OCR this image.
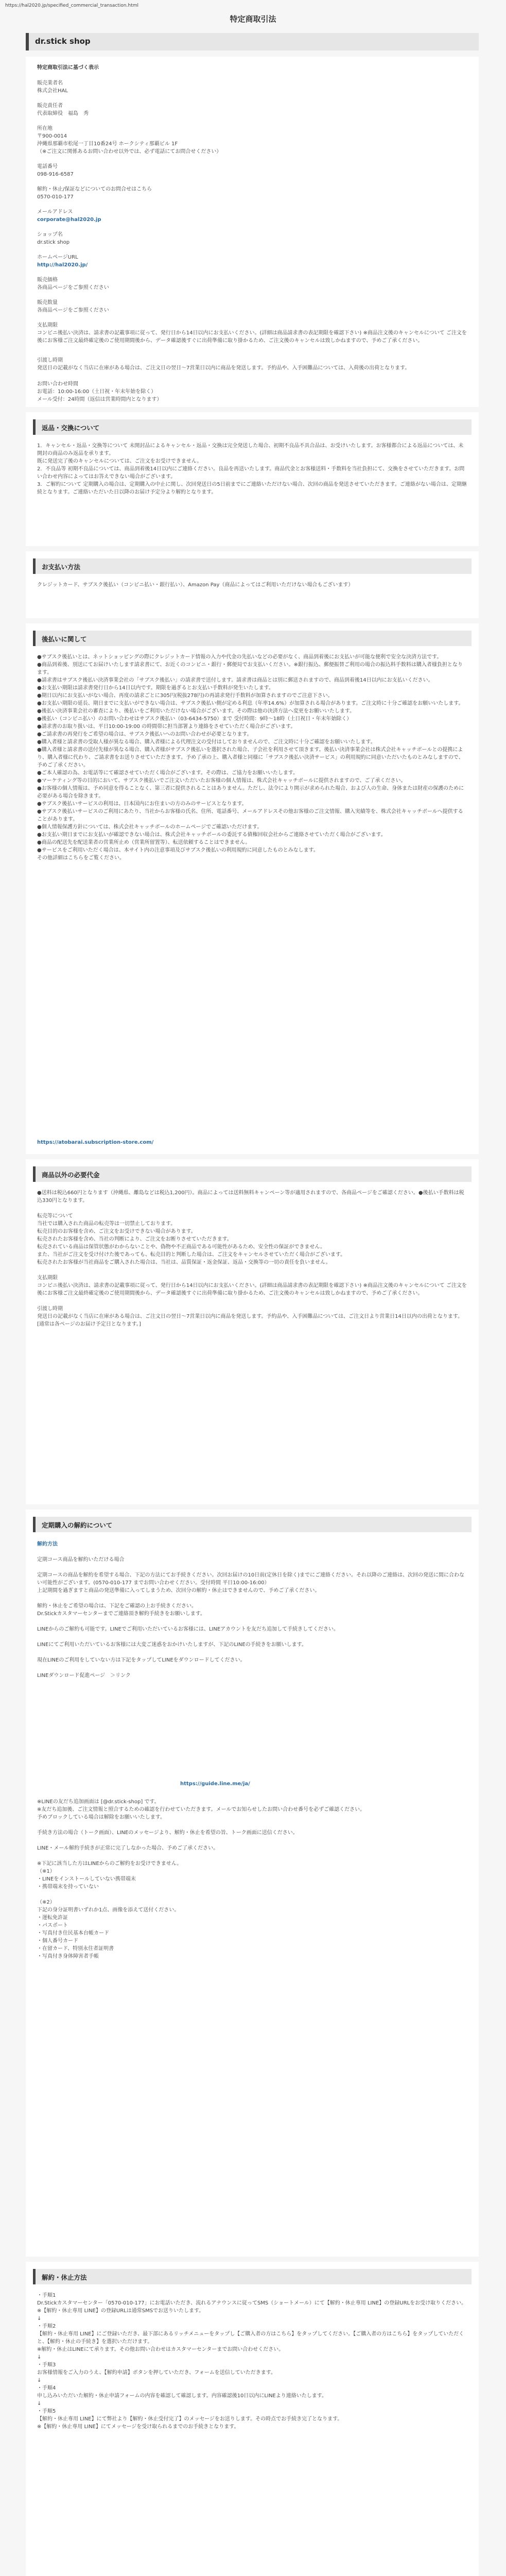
https://hal2020.jp/specified_commercial_transaction.html
特定商取引法
dr.stick shop

特定商取引法に基づく表示

販売業者名

株式会社HAL

販売責任者

代表取締役　福島　秀

所在地

〒900-0014
沖縄県那覇市松尾一丁目10番24号 ホークシティ那覇ビル 1F
（※ご注文に関係あるお問い合わせ以外では、必ず電話にてお問合せください）

電話番号

098-916-6587

解約・休止/保証などについてのお問合せはこちら

0570-010-177

メールアドレス

corporate@hal2020.jp

ショップ名

dr.stick shop

ホームページURL

http://hal2020.jp/

販売価格

各商品ページをご参照ください

販売数量

各商品ページをご参照ください

支払期限

コンビニ後払い決済は、請求書の記載事項に従って、発行日から14日以内にお支払いください。(詳細は商品請求書の表記期限を確認下さい) ※商品注文後のキャンセルについて ご注文を後にお客様ご注文最終確定後のご使用期間後から、データ確認後すぐに出荷準備に取り掛かるため、ご注文後のキャンセルは致しかねますので、予めご了承ください。

引渡し時期

発送日の記載がなく当店に在庫がある場合は、ご注文日の翌日～7営業日以内に商品を発送します。予約品や、入手困難品については、入荷後の出荷となります。

お問い合わせ時間

お電話：10:00-16:00（土日祝・年末年始を除く）
メール受付：24時間（返信は営業時間内となります）

返品・交換について

1．キャンセル・返品・交換等について 未開封品によるキャンセル・返品・交換は完全発送した場合、初期不良品不具合品は、お受けいたします。お客様都合による返品については、未開封の商品のみ返品を承ります。
既に発送完了後のキャンセルについては、ご注文をお受けできません。
2．不良品等 初期不良品については、商品到着後14日以内にご連絡ください。良品を再送いたします。商品代金とお客様送料・手数料を当社負担にて、交換をさせていただきます。お問い合わせ内容によってはお答えできない場合がございます。
3．ご解約について 定期購入の場合は、定期購入の中止に関し、次回発送日の5日前までにご連絡いただけない場合、次回の商品を発送させていただきます。ご連絡がない場合は、定期継続となります。ご連絡いただいた日以降のお届け予定分より解約となります。

お支払い方法

クレジットカード、サブスク後払い（コンビニ払い・銀行払い）、Amazon Pay（商品によってはご利用いただけない場合もございます）

後払いに関して

●サブスク後払いとは、ネットショッピングの際にクレジットカード情報の入力や代金の先払いなどの必要がなく、商品到着後にお支払いが可能な便利で安全な決済方法です。
●商品到着後、別送にてお届けいたします請求書にて、お近くのコンビニ・銀行・郵便局でお支払いください。※銀行振込、郵便振替ご利用の場合の振込料手数料は購入者様負担となります。
●請求書はサブスク後払い決済事業会社の「サブスク後払い」の請求書で送付します。請求書は商品とは別に郵送されますので、商品到着後14日以内にお支払いください。
●お支払い期限は請求書発行日から14日以内です。期限を過ぎるとお支払い手数料が発生いたします。
●期日以内にお支払いがない場合、再度の請求ごとに305円(税抜278円)の再請求発行手数料が加算されますのでご注意下さい。
●お支払い期限の延長、期日までに支払いができない場合は、サブスク後払い側が定める利息（年率14.6%）が加算される場合があります。ご注文時に十分ご確認をお願いいたします。
●後払い決済事業会社の審査により、後払いをご利用いただけない場合がございます。その際は他の決済方法へ変更をお願いいたします。
●後払い（コンビニ払い）のお問い合わせはサブスク後払い（03-6434-5750）まで 受付時間：9時～18時（土日祝日・年末年始除く）
●請求書のお取り扱いは、平日10:00-19:00 の時間帯に担当部署より連絡をさせていただく場合がございます。
●ご請求書の再発行をご希望の場合は、サブスク後払いへのお問い合わせが必要となります。
●購入者様と請求書の受取人様が異なる場合、購入者様による代理注文の受付はしておりませんので、ご注文時に十分ご確認をお願いいたします。
●購入者様と請求書の送付先様が異なる場合、購入者様がサブスク後払いを選択された場合、子会社を利用させて頂きます。後払い決済事業会社は株式会社キャッチボールとの提携により、購入者様に代わり、ご請求書をお送りさせていただきます。予め了承の上、購入者様と同様に「サブスク後払い決済サービス」の利用規約に同意いただいたものとみなしますので、予めご了承ください。
●ご本人確認の為、お電話等にて確認させていただく場合がございます。その際は、ご協力をお願いいたします。
●マーケティング等の目的において、サブスク後払いでご注文いただいたお客様の個人情報は、株式会社キャッチボールに提供されますので、ご了承ください。
●お客様の個人情報は、予め同意を得ることなく、第三者に提供されることはありません。ただし、法令により開示が求められた場合、および人の生命、身体または財産の保護のために必要がある場合を除きます。
●サブスク後払いサービスの利用は、日本国内にお住まいの方のみのサービスとなります。
●サブスク後払いサービスのご利用にあたり、当社からお客様の氏名、住所、電話番号、メールアドレスその他お客様のご注文情報、購入実績等を、株式会社キャッチボールへ提供することがあります。
●個人情報保護方針については、株式会社キャッチボールのホームページでご確認いただけます。
●お支払い期日までにお支払いが確認できない場合は、株式会社キャッチボールの委託する債権回収会社からご連絡させていただく場合がございます。
●商品の配送先を配送業者の営業所止め（営業所留置等）、転送依頼することはできません。
●サービスをご利用いただく場合は、本サイト内の注意事項及びサブスク後払いの利用規約に同意したものとみなします。
その他詳細はこちらをご覧ください。

https://atobarai.subscription-store.com/

商品以外の必要代金

●送料は税込660円となります（沖縄県、離島などは税込1,200円）。商品によっては送料無料キャンペーン等が適用されますので、各商品ページをご確認ください。●後払い手数料は税込330円となります。

転売等について
当社では購入された商品の転売等は一切禁止しております。
転売目的のお客様を含め、ご注文をお受けできない場合があります。
転売されたお客様を含め、当社の判断により、ご注文をお断りさせていただきます。
転売されている商品は保管状態がわからないことや、偽物や不正商品である可能性があるため、安全性の保証ができません。
また、当社がご注文を受け付けた後であっても、転売目的と判断した場合は、ご注文をキャンセルさせていただく場合がございます。
転売されたお客様が当社商品をご購入された場合は、当社は、品質保証・返金保証、返品・交換等の一切の責任を負いません。

支払期限
コンビニ後払い決済は、請求書の記載事項に従って、発行日から14日以内にお支払いください。(詳細は商品請求書の表記期限を確認下さい) ※商品注文後のキャンセルについて ご注文を後にお客様ご注文最終確定後のご使用期間後から、データ確認後すぐに出荷準備に取り掛かるため、ご注文後のキャンセルは致しかねますので、予めご了承ください。

引渡し時期
発送日の記載がなく当店に在庫がある場合は、ご注文日の翌日～7営業日以内に商品を発送します。予約品や、入手困難品については、ご注文日より営業日14日以内の出荷となります。
[通常は各ページのお届け予定日となります。]

定期購入の解約について

解約方法

定期コース商品を解約いただける場合

定期コースの商品を解約を希望する場合、下記の方法にてお手続きください。次回お届けの10日前(定休日を除く)までにご連絡ください。それ以降のご連絡は、次回の発送に間に合わない可能性がございます。(0570-010-177 までお問い合わせください。受付時間 平日10:00-16:00）
上記期間を過ぎますと商品の発送準備に入ってしまうため、次回分の解約・休止はできませんので、予めご了承ください。

解約・休止をご希望の場合は、下記をご確認の上お手続きください。
Dr.Stickカスタマーセンターまでご連絡頂き解約手続きをお願いします。

LINEからのご解約も可能です。LINEでご利用いただいているお客様には、LINEアカウントを友だち追加して手続きしてください。

LINEにてご利用いただいているお客様には大変ご迷惑をおかけいたしますが、下記のLINEの手続きをお願いします。

現在LINEのご利用をしていない方は下記をタップしてLINEをダウンロードしてください。

LINEダウンロード促進ページ　＞リンク

https://guide.line.me/ja/

※LINEの友だち追加画面は [@dr.stick-shop] です。
※友だち追加後、ご注文情報と照合するための確認を行わせていただきます。メールでお知らせしたお問い合わせ番号を必ずご確認ください。
予めブロックしている場合は解除をお願いいたします。

手続き方法の場合（トーク画面）、LINEのメッセージより、解約・休止を希望の旨、トーク画面に送信ください。

LINE・メール解約手続きが正常に完了しなかった場合、予めご了承ください。

※下記に該当した方はLINEからのご解約をお受けできません。
（※1）
・LINEをインストールしていない携帯端末
・携帯端末を持っていない

（※2）
下記の身分証明書いずれか1点、画像を添えて送付ください。
・運転免許証
・パスポート
・写真付き住民基本台帳カード
・個人番号カード
・在留カード、特別永住者証明書
・写真付き身体障害者手帳

解約・休止方法

・手順1
Dr.Stickカスタマーセンター「0570-010-177」にお電話いただき、流れるアナウンスに従ってSMS（ショートメール）にて【解約・休止専用 LINE】の登録URLをお受け取りください。
※【解約・休止専用 LINE】の登録URLは通常SMSでお送りいたします。
↓
・手順2
【解約・休止専用 LINE】にご登録いただき、最下部にあるリッチメニューをタップし【ご購入者の方はこちら】をタップしてください。【ご購入者の方はこちら】をタップしていただくと、【解約・休止の手続き】を選択いただけます。
※解約・休止はLINEにて承ります。その他お問い合わせはカスタマーセンターまでお問い合わせください。
↓
・手順3
お客様情報をご入力のうえ、【解約申請】ボタンを押していただき、フォームを送信していただきます。
↓
・手順4
申し込みいただいた解約・休止申請フォームの内容を確認して確認します。内容確認後10日以内にLINEより連絡いたします。
↓
・手順5
【解約・休止専用 LINE】にて弊社より【解約・休止受付完了】のメッセージをお送りします。その時点でお手続き完了となります。
※【解約・休止専用 LINE】にてメッセージを受け取られるまでのお手続きとなります。
